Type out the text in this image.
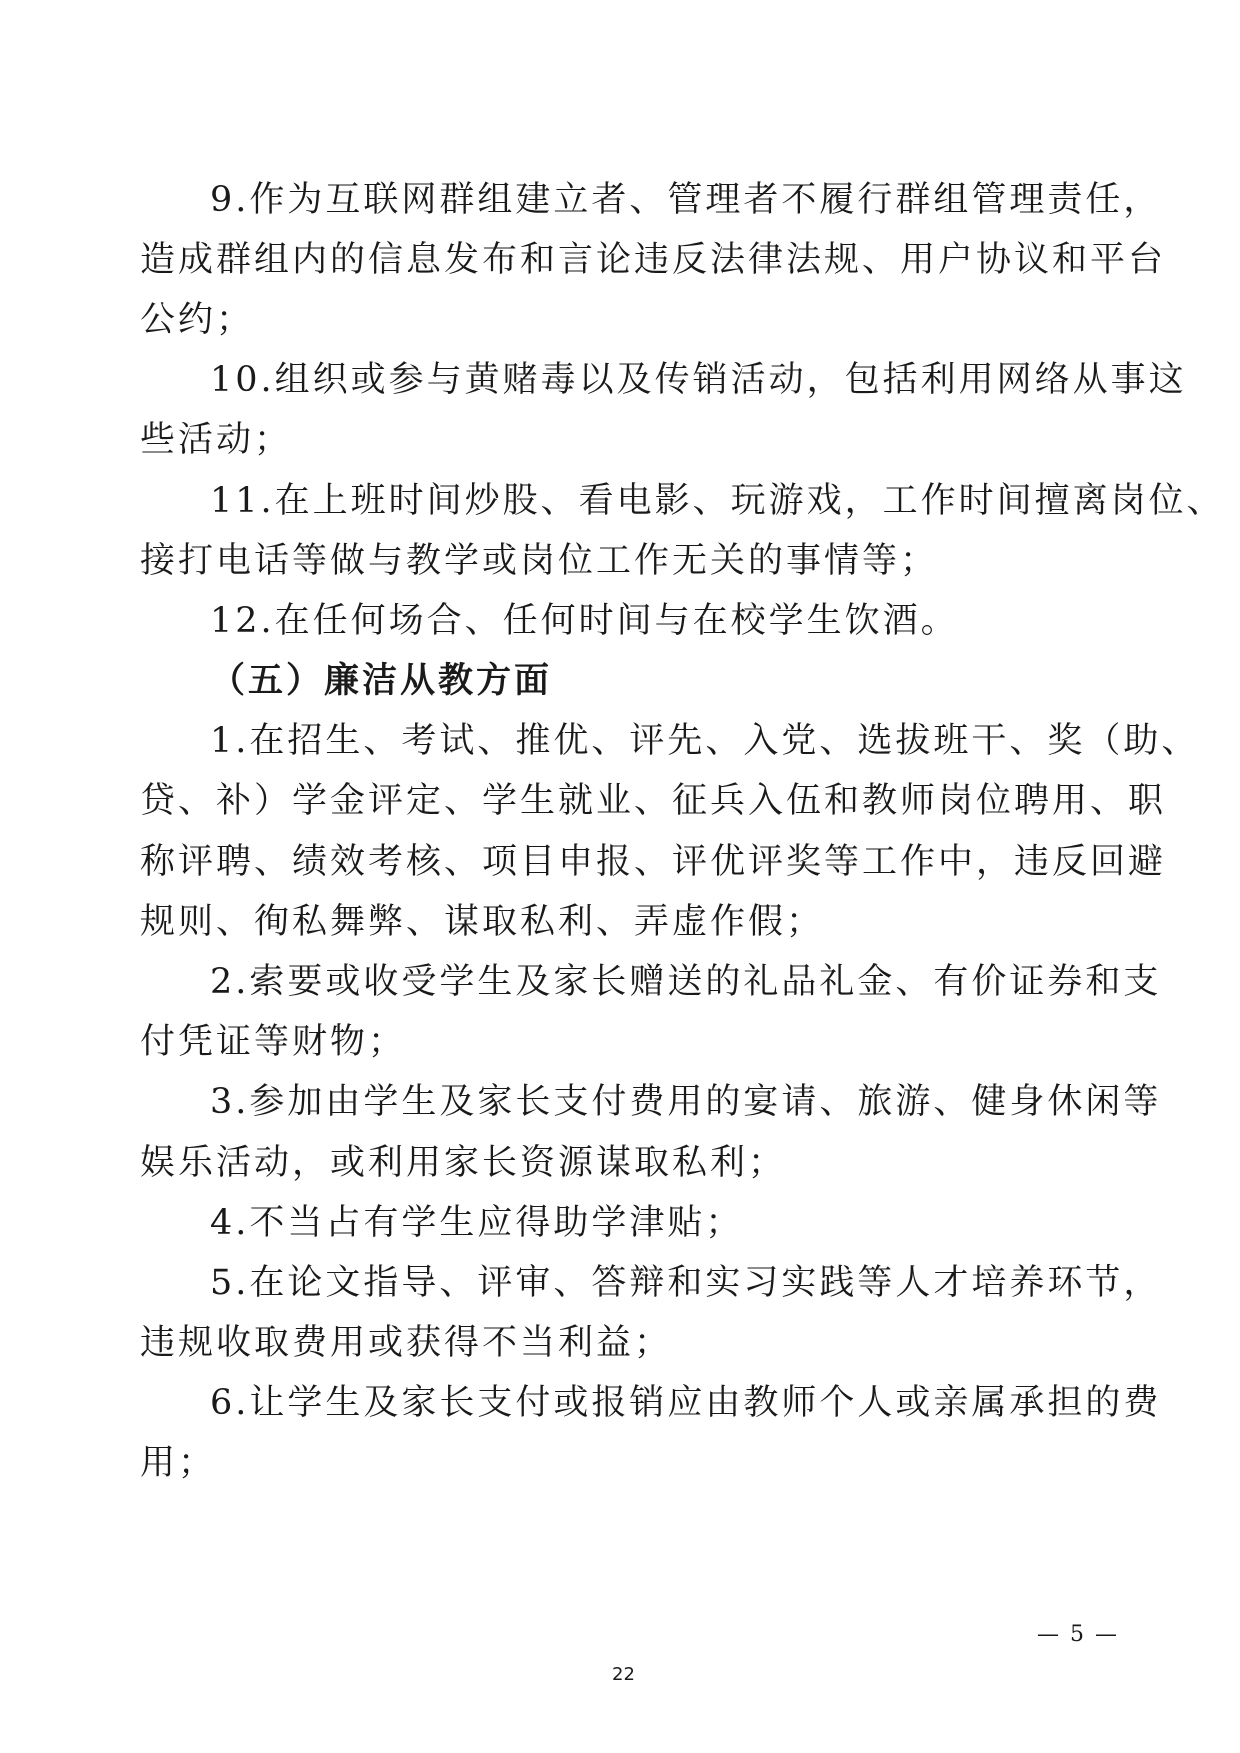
9.作为互联网群组建立者、管理者不履行群组管理责任，
造成群组内的信息发布和言论违反法律法规、用户协议和平台
公约；
10.组织或参与黄赌毒以及传销活动，包括利用网络从事这
些活动；
11.在上班时间炒股、看电影、玩游戏，工作时间擅离岗位、
接打电话等做与教学或岗位工作无关的事情等；
12.在任何场合、任何时间与在校学生饮酒。
（五）廉洁从教方面
1.在招生、考试、推优、评先、入党、选拔班干、奖（助、
贷、补）学金评定、学生就业、征兵入伍和教师岗位聘用、职
称评聘、绩效考核、项目申报、评优评奖等工作中，违反回避
规则、徇私舞弊、谋取私利、弄虚作假；
2.索要或收受学生及家长赠送的礼品礼金、有价证券和支
付凭证等财物；
3.参加由学生及家长支付费用的宴请、旅游、健身休闲等
娱乐活动，或利用家长资源谋取私利；
4.不当占有学生应得助学津贴；
5.在论文指导、评审、答辩和实习实践等人才培养环节，
违规收取费用或获得不当利益；
6.让学生及家长支付或报销应由教师个人或亲属承担的费
用；
— 5 —
22
